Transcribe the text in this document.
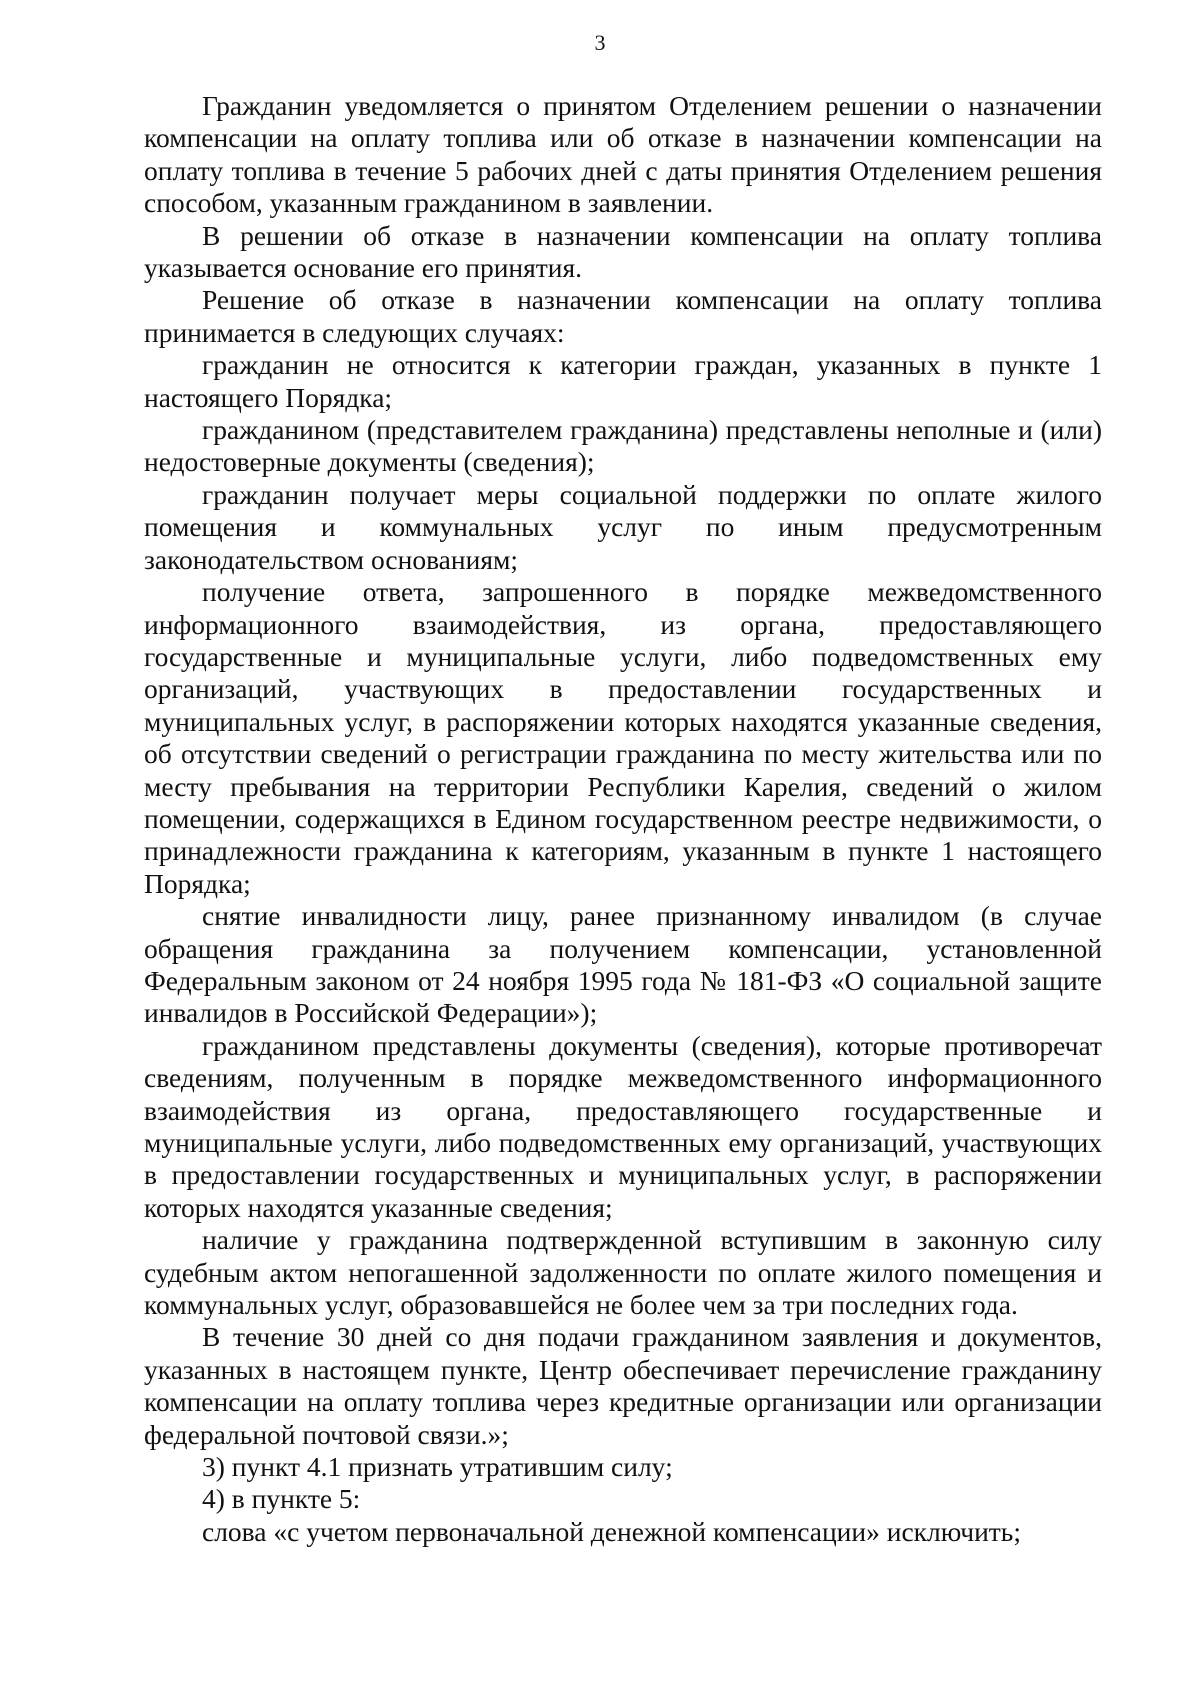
3

Гражданин уведомляется о принятом Отделением решении о назначении компенсации на оплату топлива или об отказе в назначении компенсации на оплату топлива в течение 5 рабочих дней с даты принятия Отделением решения способом, указанным гражданином в заявлении.

В решении об отказе в назначении компенсации на оплату топлива указывается основание его принятия.

Решение об отказе в назначении компенсации на оплату топлива принимается в следующих случаях:

гражданин не относится к категории граждан, указанных в пункте 1 настоящего Порядка;

гражданином (представителем гражданина) представлены неполные и (или) недостоверные документы (сведения);

гражданин получает меры социальной поддержки по оплате жилого помещения и коммунальных услуг по иным предусмотренным законодательством основаниям;

получение ответа, запрошенного в порядке межведомственного информационного взаимодействия, из органа, предоставляющего государственные и муниципальные услуги, либо подведомственных ему организаций, участвующих в предоставлении государственных и муниципальных услуг, в распоряжении которых находятся указанные сведения, об отсутствии сведений о регистрации гражданина по месту жительства или по месту пребывания на территории Республики Карелия, сведений о жилом помещении, содержащихся в Едином государственном реестре недвижимости, о принадлежности гражданина к категориям, указанным в пункте 1 настоящего Порядка;

снятие инвалидности лицу, ранее признанному инвалидом (в случае обращения гражданина за получением компенсации, установленной Федеральным законом от 24 ноября 1995 года № 181-ФЗ «О социальной защите инвалидов в Российской Федерации»);

гражданином представлены документы (сведения), которые противоречат сведениям, полученным в порядке межведомственного информационного взаимодействия из органа, предоставляющего государственные и муниципальные услуги, либо подведомственных ему организаций, участвующих в предоставлении государственных и муниципальных услуг, в распоряжении которых находятся указанные сведения;

наличие у гражданина подтвержденной вступившим в законную силу судебным актом непогашенной задолженности по оплате жилого помещения и коммунальных услуг, образовавшейся не более чем за три последних года.

В течение 30 дней со дня подачи гражданином заявления и документов, указанных в настоящем пункте, Центр обеспечивает перечисление гражданину компенсации на оплату топлива через кредитные организации или организации федеральной почтовой связи.»;

3) пункт 4.1 признать утратившим силу;

4) в пункте 5:

слова «с учетом первоначальной денежной компенсации» исключить;
